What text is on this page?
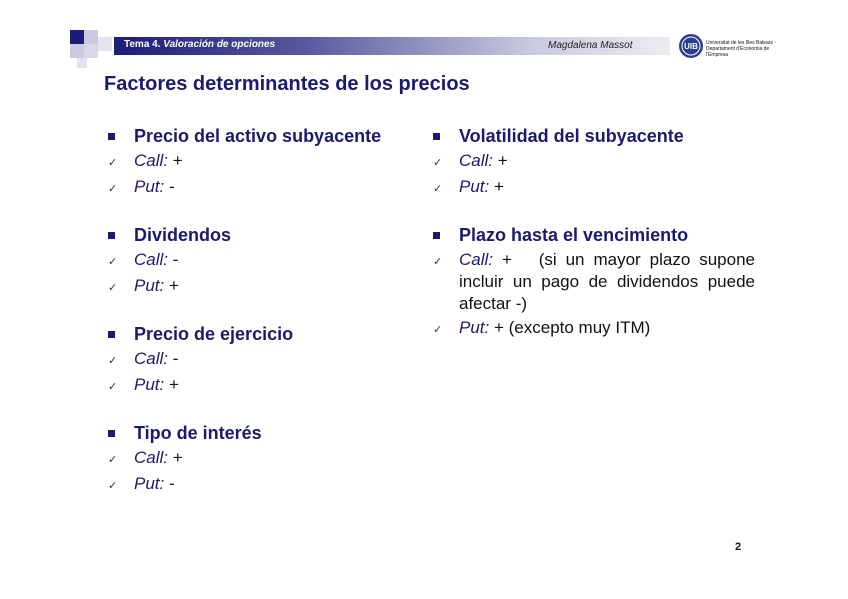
Tema 4. Valoración de opciones	Magdalena Massot	UIB Universitat de les Illes Balears · Departament d'Economia de l'Empresa
Factores determinantes de los precios
Precio del activo subyacente
✓ Call: +
✓ Put: -
Dividendos
✓ Call: -
✓ Put: +
Precio de ejercicio
✓ Call: -
✓ Put: +
Tipo de interés
✓ Call: +
✓ Put: -
Volatilidad del subyacente
✓ Call: +
✓ Put: +
Plazo hasta el vencimiento
✓ Call: +   (si un mayor plazo supone incluir un pago de dividendos puede afectar -)
✓ Put: + (excepto muy ITM)
2
